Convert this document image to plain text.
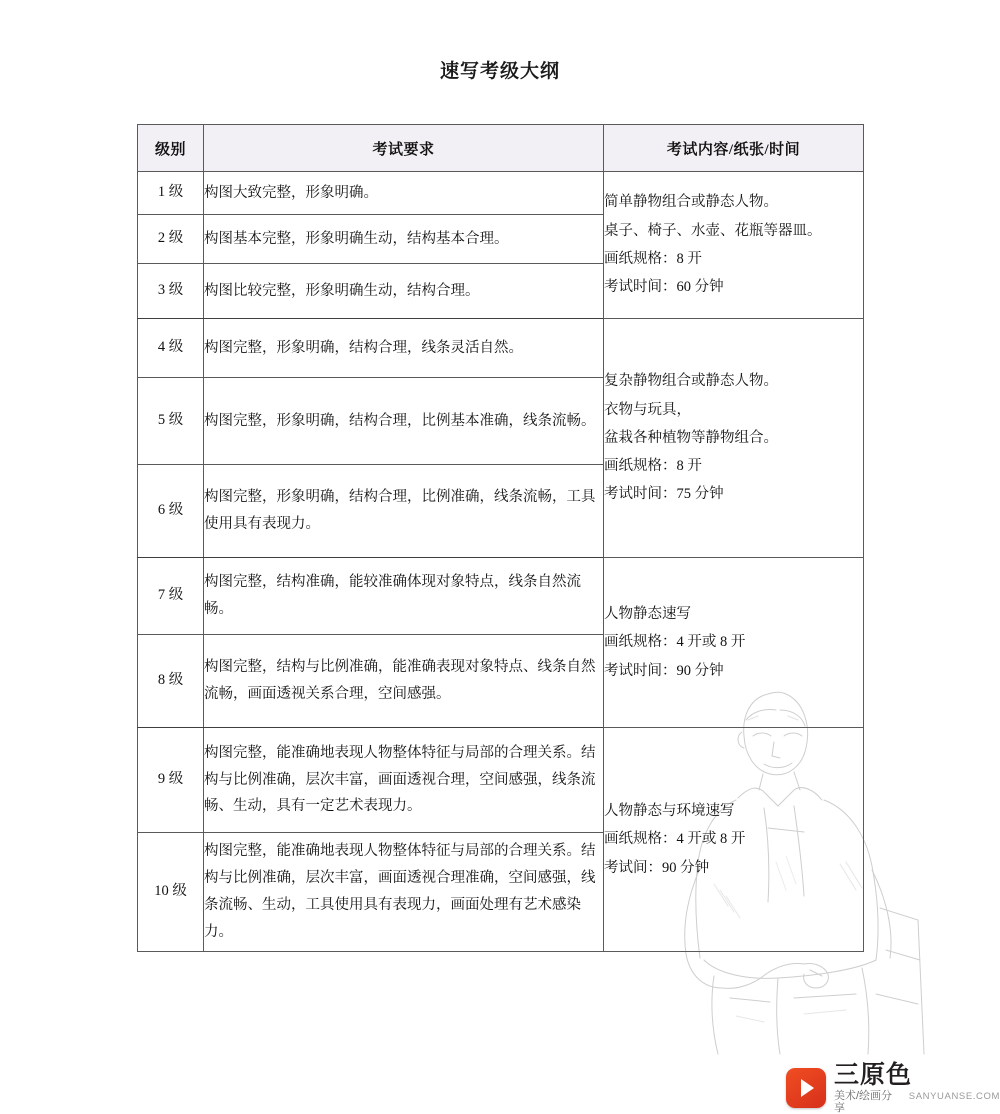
速写考级大纲
级别	考试要求	考试内容/纸张/时间
1 级	构图大致完整，形象明确。	简单静物组合或静态人物。
桌子、椅子、水壶、花瓶等器皿。
画纸规格：8 开
考试时间：60 分钟

2 级	构图基本完整，形象明确生动，结构基本合理。	
3 级	构图比较完整，形象明确生动，结构合理。	
4 级	构图完整，形象明确，结构合理，线条灵活自然。	复杂静物组合或静态人物。
衣物与玩具，
盆栽各种植物等静物组合。
画纸规格：8 开
考试时间：75 分钟

5 级	构图完整，形象明确，结构合理，比例基本准确，线条流畅。	
6 级	构图完整，形象明确，结构合理，比例准确，线条流畅，工具使用具有表现力。	
7 级	构图完整，结构准确，能较准确体现对象特点，线条自然流畅。	人物静态速写
画纸规格：4 开或 8 开
考试时间：90 分钟

8 级	构图完整，结构与比例准确，能准确表现对象特点、线条自然流畅，画面透视关系合理，空间感强。	
9 级	构图完整，能准确地表现人物整体特征与局部的合理关系。结构与比例准确，层次丰富，画面透视合理，空间感强，线条流畅、生动，具有一定艺术表现力。	人物静态与环境速写
画纸规格：4 开或 8 开
考试间：90 分钟

10 级	构图完整，能准确地表现人物整体特征与局部的合理关系。结构与比例准确，层次丰富，画面透视合理准确，空间感强，线条流畅、生动，工具使用具有表现力，画面处理有艺术感染力。	
三原色
美术/绘画分享
SANYUANSE.COM
